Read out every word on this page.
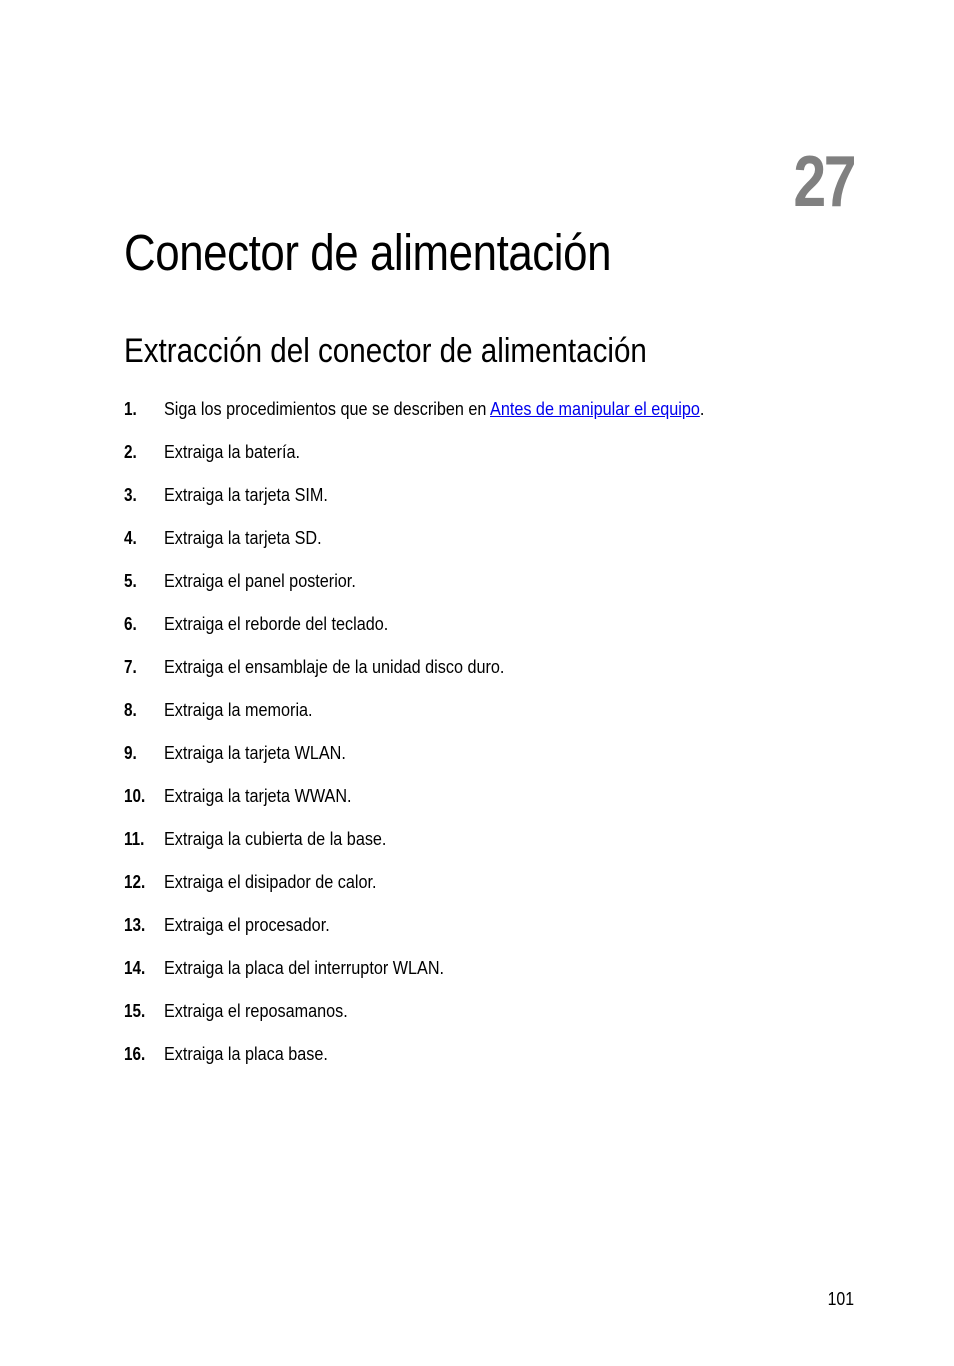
27
Conector de alimentación
Extracción del conector de alimentación
1.	Siga los procedimientos que se describen en Antes de manipular el equipo.
2.	Extraiga la batería.
3.	Extraiga la tarjeta SIM.
4.	Extraiga la tarjeta SD.
5.	Extraiga el panel posterior.
6.	Extraiga el reborde del teclado.
7.	Extraiga el ensamblaje de la unidad disco duro.
8.	Extraiga la memoria.
9.	Extraiga la tarjeta WLAN.
10.	Extraiga la tarjeta WWAN.
11.	Extraiga la cubierta de la base.
12.	Extraiga el disipador de calor.
13.	Extraiga el procesador.
14.	Extraiga la placa del interruptor WLAN.
15.	Extraiga el reposamanos.
16.	Extraiga la placa base.
101
